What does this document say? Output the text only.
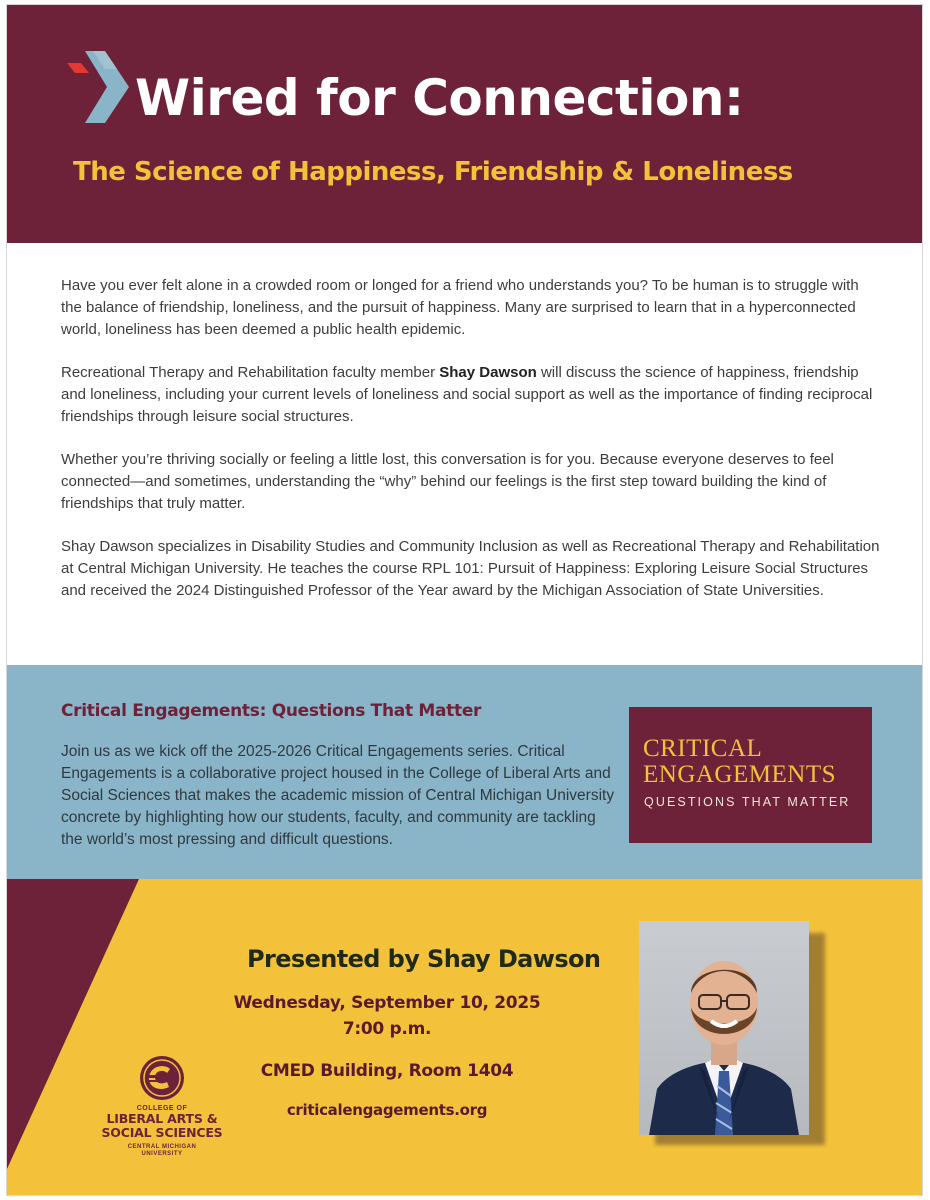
Wired for Connection:
The Science of Happiness, Friendship & Loneliness

Have you ever felt alone in a crowded room or longed for a friend who understands you? To be human is to struggle with the balance of friendship, loneliness, and the pursuit of happiness. Many are surprised to learn that in a hyperconnected world, loneliness has been deemed a public health epidemic.

Recreational Therapy and Rehabilitation faculty member Shay Dawson will discuss the science of happiness, friendship and loneliness, including your current levels of loneliness and social support as well as the importance of finding reciprocal friendships through leisure social structures.

Whether you’re thriving socially or feeling a little lost, this conversation is for you. Because everyone deserves to feel connected—and sometimes, understanding the “why” behind our feelings is the first step toward building the kind of friendships that truly matter.

Shay Dawson specializes in Disability Studies and Community Inclusion as well as Recreational Therapy and Rehabilitation at Central Michigan University. He teaches the course RPL 101: Pursuit of Happiness: Exploring Leisure Social Structures and received the 2024 Distinguished Professor of the Year award by the Michigan Association of State Universities.

Critical Engagements: Questions That Matter
Join us as we kick off the 2025-2026 Critical Engagements series. Critical Engagements is a collaborative project housed in the College of Liberal Arts and Social Sciences that makes the academic mission of Central Michigan University concrete by highlighting how our students, faculty, and community are tackling the world’s most pressing and difficult questions.
CRITICAL
ENGAGEMENTS
QUESTIONS THAT MATTER
Presented by Shay Dawson
Wednesday, September 10, 2025
7:00 p.m.
CMED Building, Room 1404
criticalengagements.org
COLLEGE OF
LIBERAL ARTS &
SOCIAL SCIENCES
CENTRAL MICHIGAN
UNIVERSITY
